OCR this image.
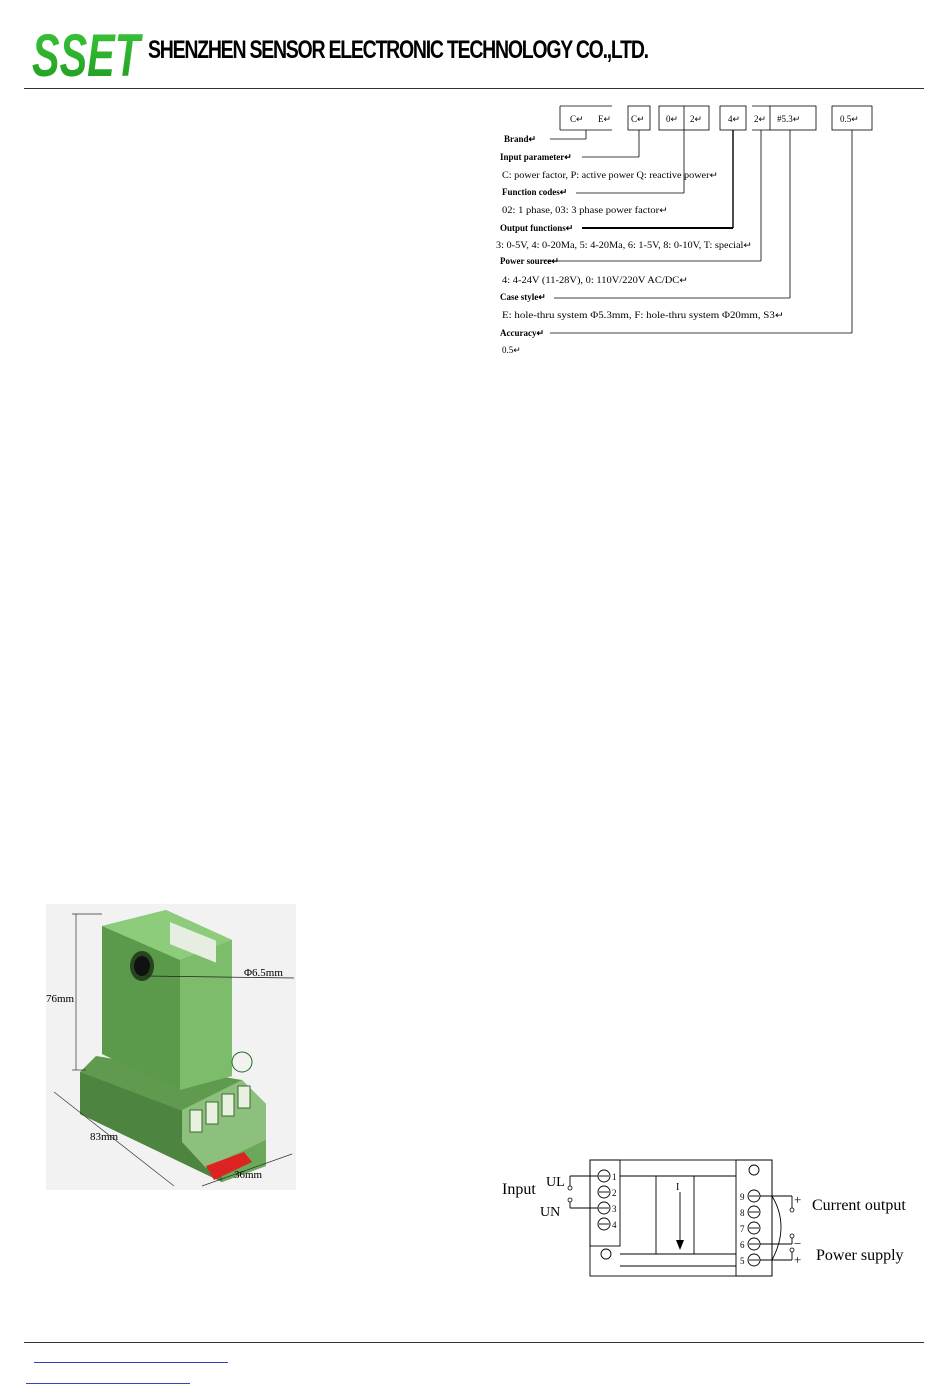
SSET SHENZHEN SENSOR ELECTRONIC TECHNOLOGY CO.,LTD.
C↵ E↵ C↵ 0↵ 2↵	4↵ 2↵ #5.3↵	0.5↵
Brand↵
Input parameter↵
C: power factor, P: active power Q: reactive power↵
Function codes↵
02: 1 phase, 03: 3 phase power factor↵
Output functions↵
3: 0-5V, 4: 0-20Ma, 5: 4-20Ma, 6: 1-5V, 8: 0-10V, T: special↵
Power source↵
4: 4-24V (11-28V), 0: 110V/220V AC/DC↵
Case style↵
E: hole-thru system Φ5.3mm, F: hole-thru system Φ20mm, S3↵
Accuracy↵
0.5↵
76mm
83mm
36mm
Φ6.5mm
Input UL
UN
1
2
3
4
9
8
7
6
5
I
+
−
+
Current output
Power supply
